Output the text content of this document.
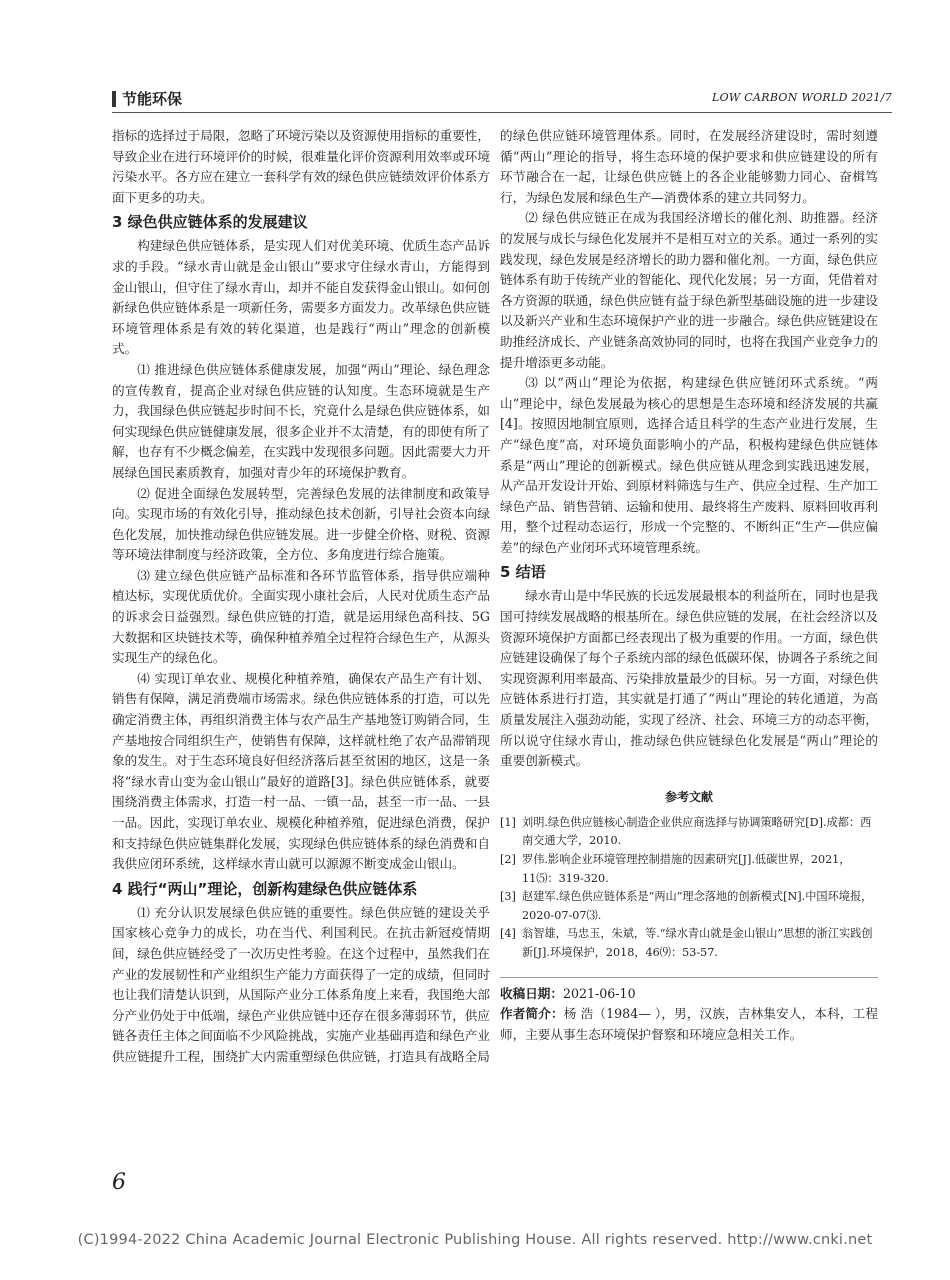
节能环保	LOW CARBON WORLD 2021/7

指标的选择过于局限，忽略了环境污染以及资源使用指标的重要性，导致企业在进行环境评价的时候，很难量化评价资源利用效率或环境污染水平。各方应在建立一套科学有效的绿色供应链绩效评价体系方面下更多的功夫。

3 绿色供应链体系的发展建议

构建绿色供应链体系，是实现人们对优美环境、优质生态产品诉求的手段。“绿水青山就是金山银山”要求守住绿水青山，方能得到金山银山，但守住了绿水青山，却并不能自发获得金山银山。如何创新绿色供应链体系是一项新任务，需要多方面发力。改革绿色供应链环境管理体系是有效的转化渠道，也是践行“两山”理念的创新模式。

⑴ 推进绿色供应链体系健康发展，加强“两山”理论、绿色理念的宣传教育，提高企业对绿色供应链的认知度。生态环境就是生产力，我国绿色供应链起步时间不长，究竟什么是绿色供应链体系，如何实现绿色供应链健康发展，很多企业并不太清楚，有的即使有所了解，也存有不少概念偏差，在实践中发现很多问题。因此需要大力开展绿色国民素质教育，加强对青少年的环境保护教育。

⑵ 促进全面绿色发展转型，完善绿色发展的法律制度和政策导向。实现市场的有效化引导，推动绿色技术创新，引导社会资本向绿色化发展，加快推动绿色供应链发展。进一步健全价格、财税、资源等环境法律制度与经济政策，全方位、多角度进行综合施策。

⑶ 建立绿色供应链产品标准和各环节监管体系，指导供应端种植达标，实现优质优价。全面实现小康社会后，人民对优质生态产品的诉求会日益强烈。绿色供应链的打造，就是运用绿色高科技、5G 大数据和区块链技术等，确保种植养殖全过程符合绿色生产，从源头实现生产的绿色化。

⑷ 实现订单农业、规模化种植养殖，确保农产品生产有计划、销售有保障，满足消费端市场需求。绿色供应链体系的打造，可以先确定消费主体，再组织消费主体与农产品生产基地签订购销合同，生产基地按合同组织生产，使销售有保障，这样就杜绝了农产品滞销现象的发生。对于生态环境良好但经济落后甚至贫困的地区，这是一条将“绿水青山变为金山银山”最好的道路[3]。绿色供应链体系，就要围绕消费主体需求，打造一村一品、一镇一品，甚至一市一品、一县一品。因此，实现订单农业、规模化种植养殖，促进绿色消费，保护和支持绿色供应链集群化发展，实现绿色供应链体系的绿色消费和自我供应闭环系统，这样绿水青山就可以源源不断变成金山银山。

4 践行“两山”理论，创新构建绿色供应链体系

⑴ 充分认识发展绿色供应链的重要性。绿色供应链的建设关乎国家核心竞争力的成长，功在当代、利国利民。在抗击新冠疫情期间，绿色供应链经受了一次历史性考验。在这个过程中，虽然我们在产业的发展韧性和产业组织生产能力方面获得了一定的成绩，但同时也让我们清楚认识到，从国际产业分工体系角度上来看，我国绝大部分产业仍处于中低端，绿色产业供应链中还存在很多薄弱环节，供应链各责任主体之间面临不少风险挑战，实施产业基础再造和绿色产业供应链提升工程，围绕扩大内需重塑绿色供应链，打造具有战略全局

的绿色供应链环境管理体系。同时，在发展经济建设时，需时刻遵循“两山”理论的指导，将生态环境的保护要求和供应链建设的所有环节融合在一起，让绿色供应链上的各企业能够勠力同心、奋楫笃行，为绿色发展和绿色生产—消费体系的建立共同努力。

⑵ 绿色供应链正在成为我国经济增长的催化剂、助推器。经济的发展与成长与绿色化发展并不是相互对立的关系。通过一系列的实践发现，绿色发展是经济增长的助力器和催化剂。一方面，绿色供应链体系有助于传统产业的智能化、现代化发展；另一方面，凭借着对各方资源的联通，绿色供应链有益于绿色新型基础设施的进一步建设以及新兴产业和生态环境保护产业的进一步融合。绿色供应链建设在助推经济成长、产业链条高效协同的同时，也将在我国产业竞争力的提升增添更多动能。

⑶ 以“两山”理论为依据，构建绿色供应链闭环式系统。“两山”理论中，绿色发展最为核心的思想是生态环境和经济发展的共赢[4]。按照因地制宜原则，选择合适且科学的生态产业进行发展，生产“绿色度”高，对环境负面影响小的产品，积极构建绿色供应链体系是“两山”理论的创新模式。绿色供应链从理念到实践迅速发展，从产品开发设计开始、到原材料筛选与生产、供应全过程、生产加工绿色产品、销售营销、运输和使用、最终将生产废料、原料回收再利用，整个过程动态运行，形成一个完整的、不断纠正“生产—供应偏差”的绿色产业闭环式环境管理系统。

5 结语

绿水青山是中华民族的长远发展最根本的利益所在，同时也是我国可持续发展战略的根基所在。绿色供应链的发展，在社会经济以及资源环境保护方面都已经表现出了极为重要的作用。一方面，绿色供应链建设确保了每个子系统内部的绿色低碳环保，协调各子系统之间实现资源利用率最高、污染排放量最少的目标。另一方面，对绿色供应链体系进行打造，其实就是打通了“两山”理论的转化通道，为高质量发展注入强劲动能，实现了经济、社会、环境三方的动态平衡，所以说守住绿水青山，推动绿色供应链绿色化发展是“两山”理论的重要创新模式。

参考文献
[1] 刘明.绿色供应链核心制造企业供应商选择与协调策略研究[D].成都：西南交通大学，2010.
[2] 罗伟.影响企业环境管理控制措施的因素研究[J].低碳世界，2021，11⑸：319-320.
[3] 赵建军.绿色供应链体系是“两山”理念落地的创新模式[N].中国环境报，2020-07-07⑶.
[4] 翁智雄，马忠玉，朱斌，等.“绿水青山就是金山银山”思想的浙江实践创新[J].环境保护，2018，46⑼：53-57.
收稿日期：2021-06-10
作者简介：杨 浩（1984— ），男，汉族，吉林集安人，本科，工程师，主要从事生态环境保护督察和环境应急相关工作。
6
(C)1994-2022 China Academic Journal Electronic Publishing House. All rights reserved. http://www.cnki.net
